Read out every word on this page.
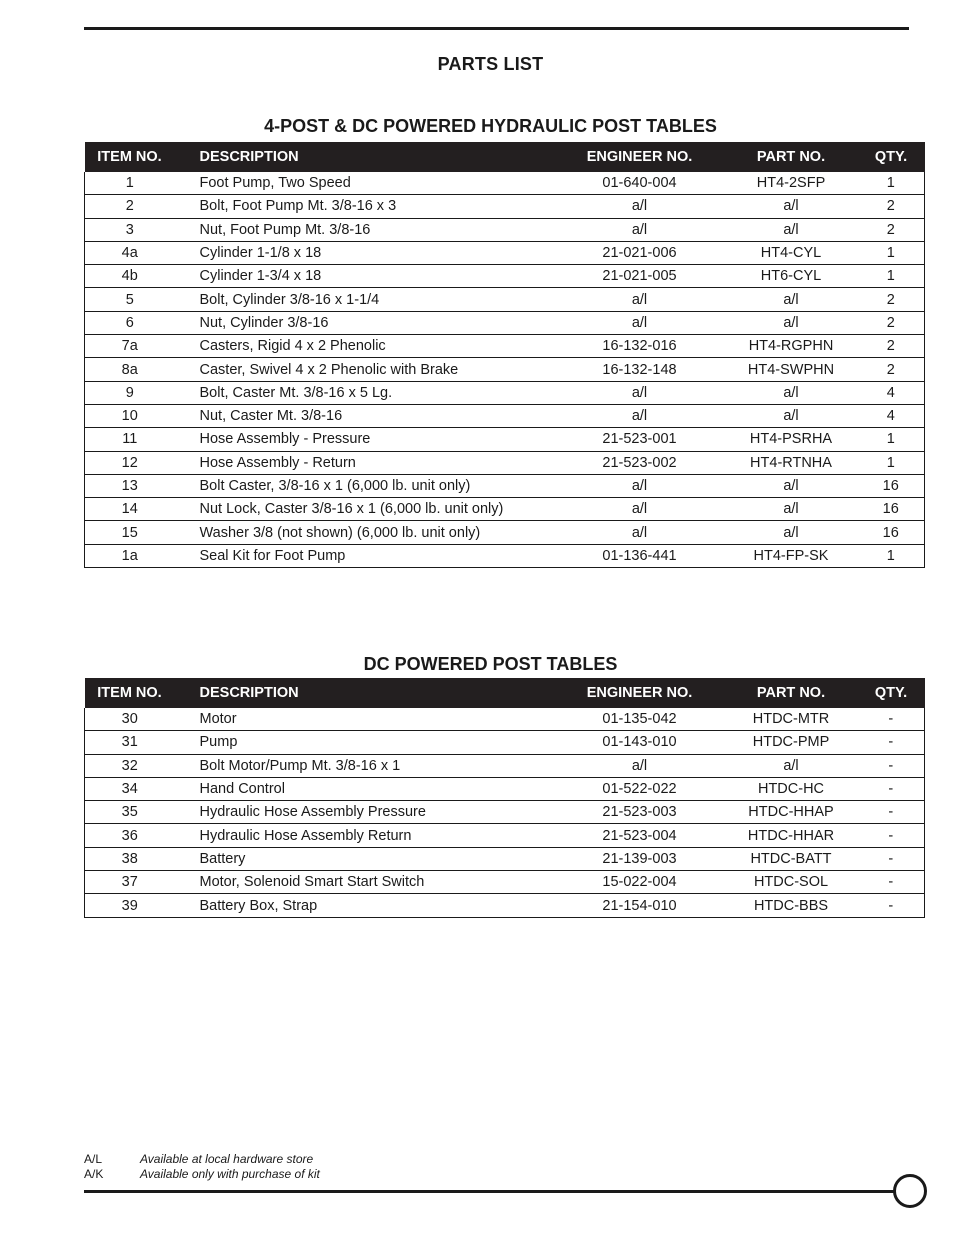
PARTS LIST
4-POST & DC POWERED HYDRAULIC POST TABLES
ITEM NO.	DESCRIPTION	ENGINEER NO.	PART NO.	QTY.
1	Foot Pump, Two Speed	01-640-004	HT4-2SFP	1
2	Bolt, Foot Pump Mt. 3/8-16 x 3	a/l	a/l	2
3	Nut, Foot Pump Mt. 3/8-16	a/l	a/l	2
4a	Cylinder 1-1/8 x 18	21-021-006	HT4-CYL	1
4b	Cylinder 1-3/4 x 18	21-021-005	HT6-CYL	1
5	Bolt, Cylinder 3/8-16 x 1-1/4	a/l	a/l	2
6	Nut, Cylinder 3/8-16	a/l	a/l	2
7a	Casters, Rigid 4 x 2 Phenolic	16-132-016	HT4-RGPHN	2
8a	Caster, Swivel 4 x 2 Phenolic with Brake	16-132-148	HT4-SWPHN	2
9	Bolt, Caster Mt. 3/8-16 x 5 Lg.	a/l	a/l	4
10	Nut, Caster Mt. 3/8-16	a/l	a/l	4
11	Hose Assembly - Pressure	21-523-001	HT4-PSRHA	1
12	Hose Assembly - Return	21-523-002	HT4-RTNHA	1
13	Bolt Caster, 3/8-16 x 1 (6,000 lb. unit only)	a/l	a/l	16
14	Nut Lock, Caster 3/8-16 x 1 (6,000 lb. unit only)	a/l	a/l	16
15	Washer 3/8 (not shown) (6,000 lb. unit only)	a/l	a/l	16
1a	Seal Kit for Foot Pump	01-136-441	HT4-FP-SK	1
DC POWERED POST TABLES
ITEM NO.	DESCRIPTION	ENGINEER NO.	PART NO.	QTY.
30	Motor	01-135-042	HTDC-MTR	-
31	Pump	01-143-010	HTDC-PMP	-
32	Bolt Motor/Pump Mt. 3/8-16 x 1	a/l	a/l	-
34	Hand Control	01-522-022	HTDC-HC	-
35	Hydraulic Hose Assembly Pressure	21-523-003	HTDC-HHAP	-
36	Hydraulic Hose Assembly Return	21-523-004	HTDC-HHAR	-
38	Battery	21-139-003	HTDC-BATT	-
37	Motor, Solenoid Smart Start Switch	15-022-004	HTDC-SOL	-
39	Battery Box, Strap	21-154-010	HTDC-BBS	-
A/L	Available at local hardware store
A/K	Available only with purchase of kit
